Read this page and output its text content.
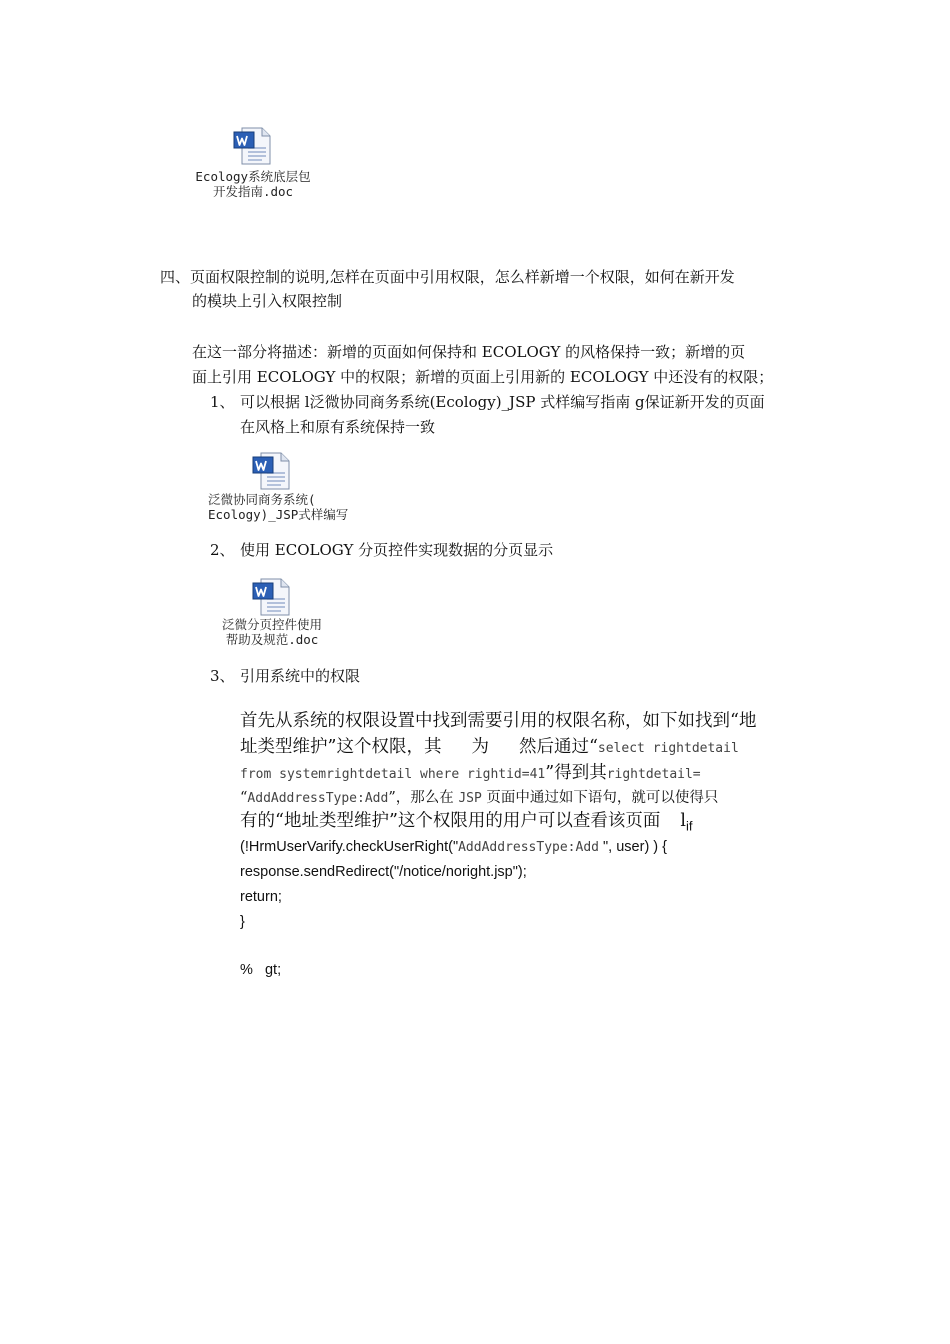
Ecology系统底层包
开发指南.doc
四、页面权限控制的说明,怎样在页面中引用权限，怎么样新增一个权限，如何在新开发
的模块上引入权限控制
在这一部分将描述：新增的页面如何保持和 ECOLOGY 的风格保持一致；新增的页
面上引用 ECOLOGY 中的权限；新增的页面上引用新的 ECOLOGY 中还没有的权限；
1、 可以根据 l泛微协同商务系统(Ecology)_JSP 式样编写指南 g保证新开发的页面
在风格上和原有系统保持一致
泛微协同商务系统(
Ecology)_JSP式样编写
2、 使用 ECOLOGY 分页控件实现数据的分页显示
泛微分页控件使用
帮助及规范.doc
3、 引用系统中的权限
首先从系统的权限设置中找到需要引用的权限名称，如下如找到“地
址类型维护”这个权限，其 为 然后通过“select rightdetail
from systemrightdetail where rightid=41”得到其rightdetail=
“AddAddressType:Add”，那么在 JSP 页面中通过如下语句，就可以使得只
有的“地址类型维护”这个权限用的用户可以查看该页面 $l_{if}$
(!HrmUserVarify.checkUserRight("AddAddressType:Add ", user) ) {
response.sendRedirect("/notice/noright.jsp");
return;
}
%   gt;
